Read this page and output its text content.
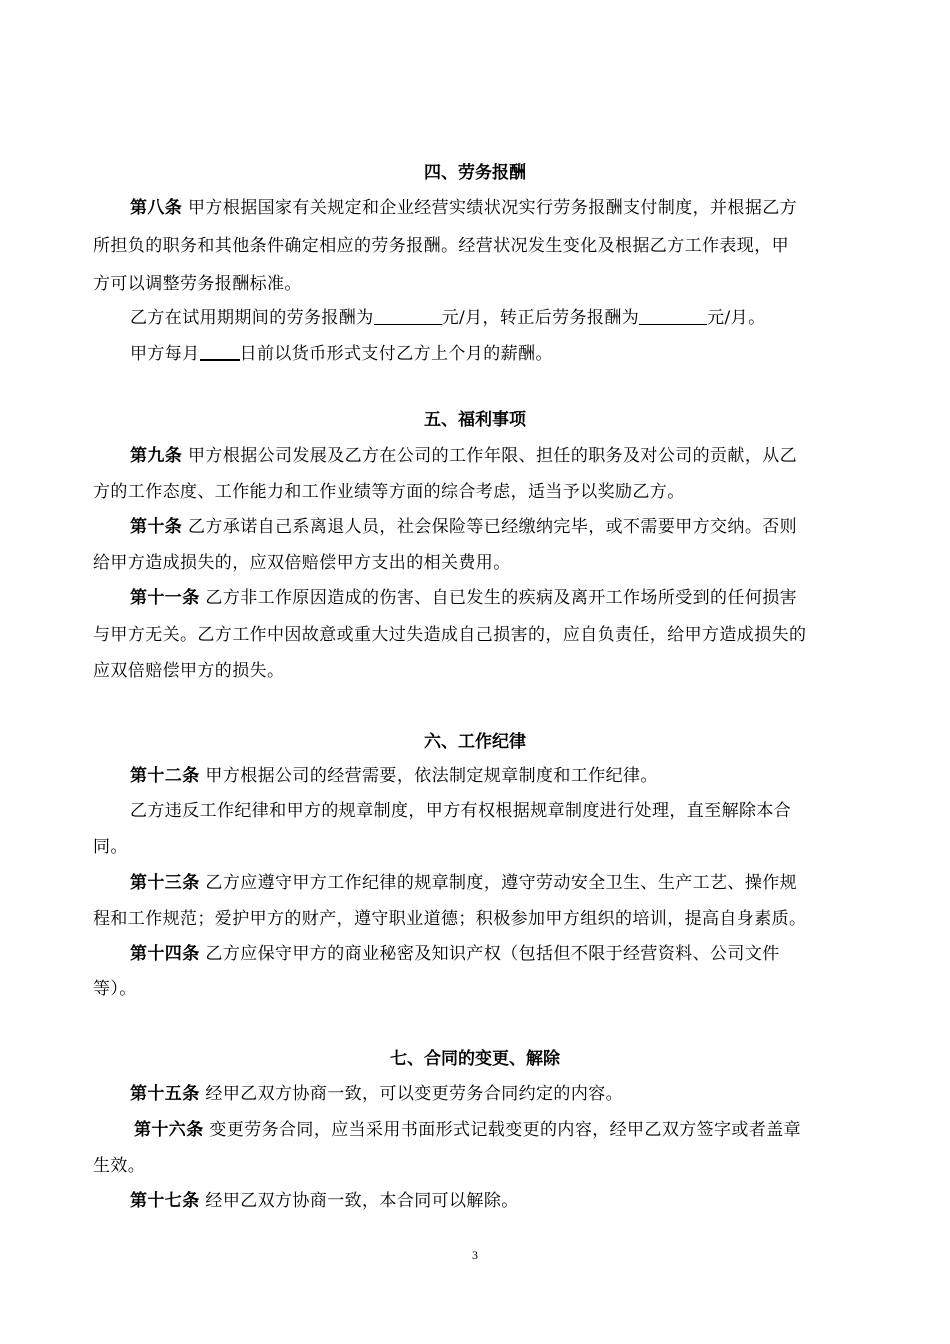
四、劳务报酬
第八条 甲方根据国家有关规定和企业经营实绩状况实行劳务报酬支付制度，并根据乙方
所担负的职务和其他条件确定相应的劳务报酬。经营状况发生变化及根据乙方工作表现，甲
方可以调整劳务报酬标准。
乙方在试用期期间的劳务报酬为	元/月，转正后劳务报酬为	元/月。
甲方每月 日前以货币形式支付乙方上个月的薪酬。
五、福利事项
第九条 甲方根据公司发展及乙方在公司的工作年限、担任的职务及对公司的贡献，从乙
方的工作态度、工作能力和工作业绩等方面的综合考虑，适当予以奖励乙方。
第十条 乙方承诺自己系离退人员，社会保险等已经缴纳完毕，或不需要甲方交纳。否则
给甲方造成损失的，应双倍赔偿甲方支出的相关费用。
第十一条 乙方非工作原因造成的伤害、自已发生的疾病及离开工作场所受到的任何损害
与甲方无关。乙方工作中因故意或重大过失造成自己损害的，应自负责任，给甲方造成损失的
应双倍赔偿甲方的损失。
六、工作纪律
第十二条 甲方根据公司的经营需要，依法制定规章制度和工作纪律。
乙方违反工作纪律和甲方的规章制度，甲方有权根据规章制度进行处理，直至解除本合
同。
第十三条 乙方应遵守甲方工作纪律的规章制度，遵守劳动安全卫生、生产工艺、操作规
程和工作规范；爱护甲方的财产，遵守职业道德；积极参加甲方组织的培训，提高自身素质。
第十四条 乙方应保守甲方的商业秘密及知识产权（包括但不限于经营资料、公司文件
等）。
七、合同的变更、解除
第十五条 经甲乙双方协商一致，可以变更劳务合同约定的内容。
第十六条 变更劳务合同，应当采用书面形式记载变更的内容，经甲乙双方签字或者盖章
生效。
第十七条 经甲乙双方协商一致，本合同可以解除。
3
